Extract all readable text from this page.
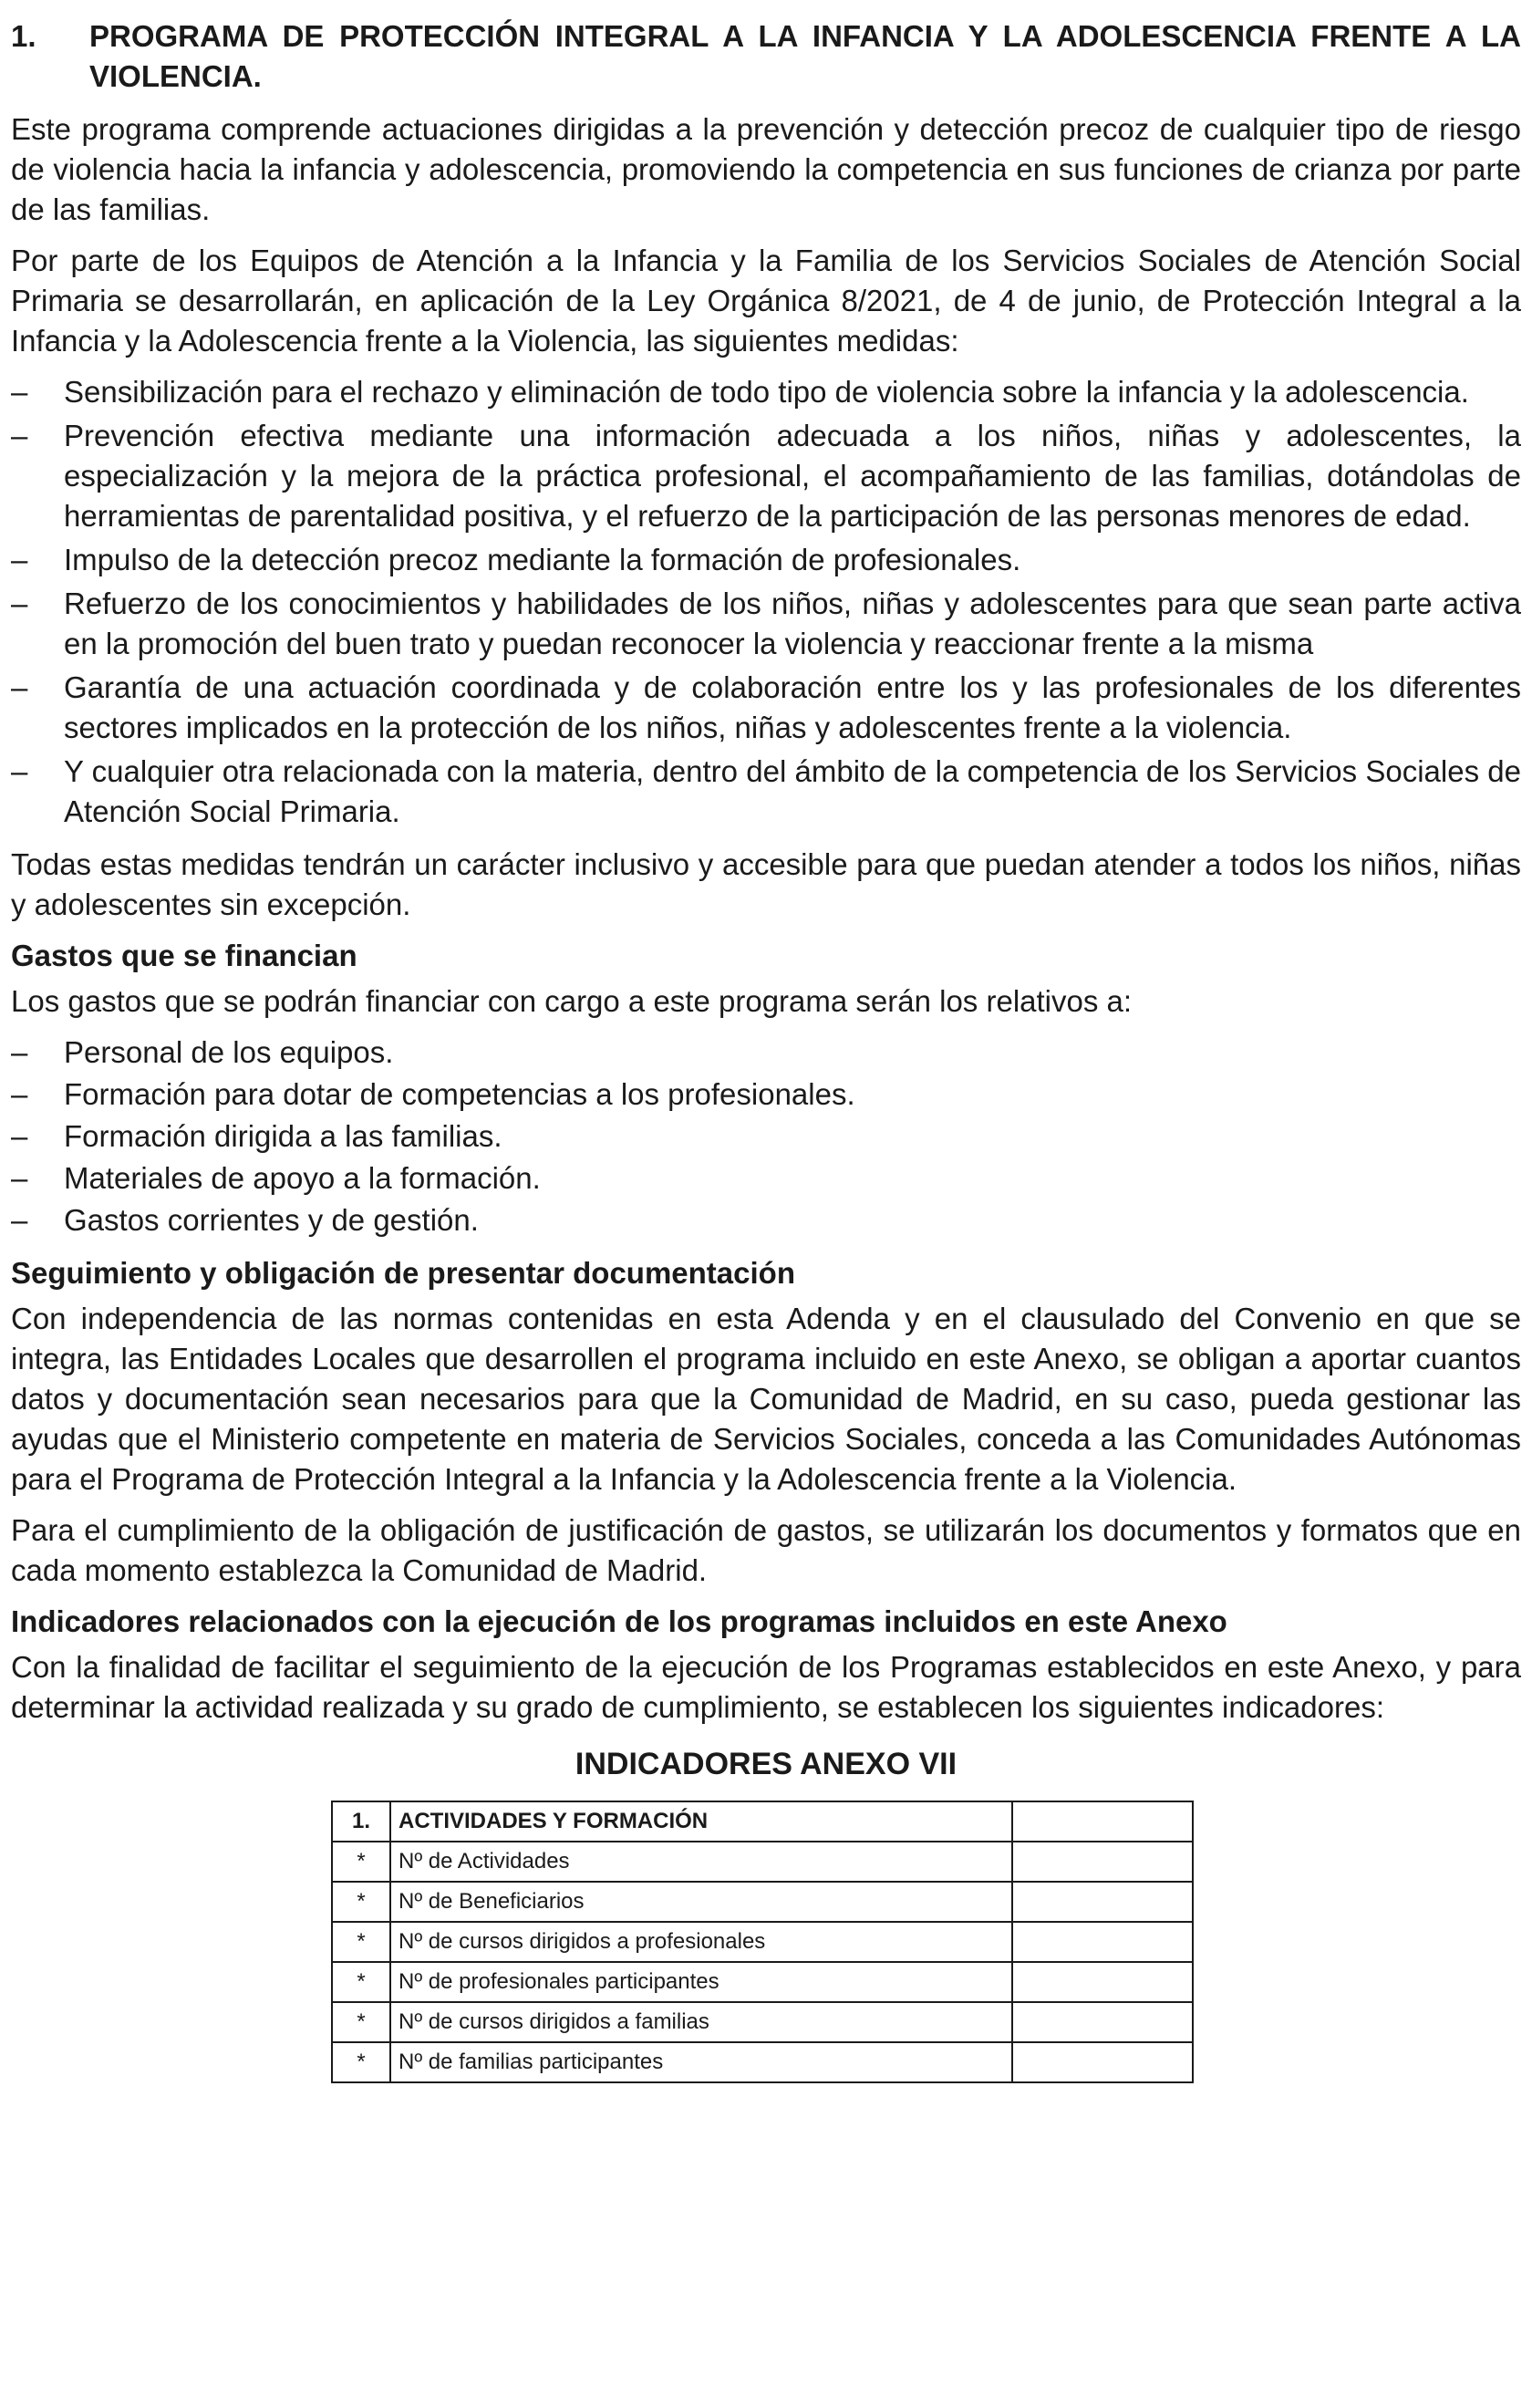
1.	PROGRAMA DE PROTECCIÓN INTEGRAL A LA INFANCIA Y LA ADOLESCENCIA FRENTE A LA VIOLENCIA.

Este programa comprende actuaciones dirigidas a la prevención y detección precoz de cualquier tipo de riesgo de violencia hacia la infancia y adolescencia, promoviendo la competencia en sus funciones de crianza por parte de las familias.

Por parte de los Equipos de Atención a la Infancia y la Familia de los Servicios Sociales de Atención Social Primaria se desarrollarán, en aplicación de la Ley Orgánica 8/2021, de 4 de junio, de Protección Integral a la Infancia y la Adolescencia frente a la Violencia, las siguientes medidas:

–	Sensibilización para el rechazo y eliminación de todo tipo de violencia sobre la infancia y la adolescencia.
–	Prevención efectiva mediante una información adecuada a los niños, niñas y adolescentes, la especialización y la mejora de la práctica profesional, el acompañamiento de las familias, dotándolas de herramientas de parentalidad positiva, y el refuerzo de la participación de las personas menores de edad.
–	Impulso de la detección precoz mediante la formación de profesionales.
–	Refuerzo de los conocimientos y habilidades de los niños, niñas y adolescentes para que sean parte activa en la promoción del buen trato y puedan reconocer la violencia y reaccionar frente a la misma
–	Garantía de una actuación coordinada y de colaboración entre los y las profesionales de los diferentes sectores implicados en la protección de los niños, niñas y adolescentes frente a la violencia.
–	Y cualquier otra relacionada con la materia, dentro del ámbito de la competencia de los Servicios Sociales de Atención Social Primaria.

Todas estas medidas tendrán un carácter inclusivo y accesible para que puedan atender a todos los niños, niñas y adolescentes sin excepción.

Gastos que se financian

Los gastos que se podrán financiar con cargo a este programa serán los relativos a:

–	Personal de los equipos.
–	Formación para dotar de competencias a los profesionales.
–	Formación dirigida a las familias.
–	Materiales de apoyo a la formación.
–	Gastos corrientes y de gestión.
Seguimiento y obligación de presentar documentación

Con independencia de las normas contenidas en esta Adenda y en el clausulado del Convenio en que se integra, las Entidades Locales que desarrollen el programa incluido en este Anexo, se obligan a aportar cuantos datos y documentación sean necesarios para que la Comunidad de Madrid, en su caso, pueda gestionar las ayudas que el Ministerio competente en materia de Servicios Sociales, conceda a las Comunidades Autónomas para el Programa de Protección Integral a la Infancia y la Adolescencia frente a la Violencia.

Para el cumplimiento de la obligación de justificación de gastos, se utilizarán los documentos y formatos que en cada momento establezca la Comunidad de Madrid.

Indicadores relacionados con la ejecución de los programas incluidos en este Anexo

Con la finalidad de facilitar el seguimiento de la ejecución de los Programas establecidos en este Anexo, y para determinar la actividad realizada y su grado de cumplimiento, se establecen los siguientes indicadores:

INDICADORES ANEXO VII
1.	ACTIVIDADES Y FORMACIÓN	
*	Nº de Actividades	
*	Nº de Beneficiarios	
*	Nº de cursos dirigidos a profesionales	
*	Nº de profesionales participantes	
*	Nº de cursos dirigidos a familias	
*	Nº de familias participantes	
